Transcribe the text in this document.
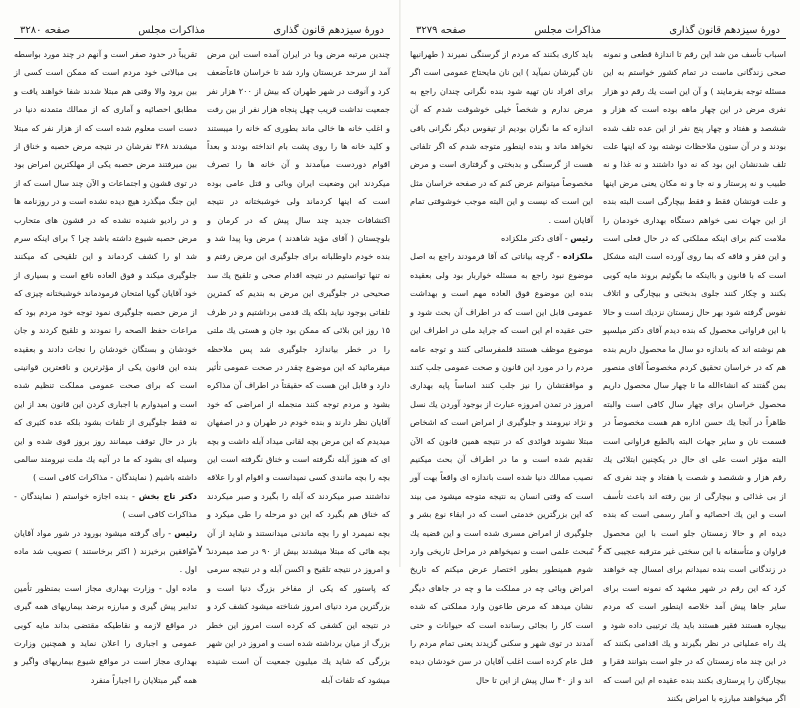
دورهٔ سیزدهم قانون گذاری
مذاکرات مجلس
صفحه ۳۲۸۰

چندین مرتبه مرض وبا در ایران آمده است این مرض آمد از سرحد عربستان وارد شد تا خراسان قاعاًضعف کرد و آنوقت در شهر طهران که بیش از ۲۰۰ هزار نفر جمعیت نداشت قریب چهل پنجاه هزار نفر از بین رفت و اغلب خانه ها خالی ماند بطوری که خانه را میبستند و کلید خانه ها را روی پشت بام انداخته بودند و بعداً اقوام دوردست میآمدند و آن خانه ها را تصرف میکردند این وضعیت ایران وبائی و قتل عامی بوده است که اینها کردماند ولی خوشبختانه در نتیجه اکتشافات جدید چند سال پیش که در کرمان و بلوچستان ( آقای مؤید شاهدند ) مرض وبا پیدا شد و بنده خودم داوطلبانه برای جلوگیری این مرض رفتم و نه تنها توانستیم در نتیجه اقدام صحی و تلقیح یك سد صحیحی در جلوگیری این مرض به بندیم که کمترین تلفاتی بوجود نیاید بلکه یك قدمی برداشتیم و در ظرف ۱۵ روز این بلائی که ممکن بود جان و هستی یك ملتی را در خطر بیاندازد جلوگیری شد پس ملاحظه میفرمائید که این موضوع چقدر در صحت عمومی تأثیر دارد و قابل این هست که حقیقتاً در اطراف آن مذاکره بشود و مردم توجه کنند منجمله از امراضی که خود آقایان نظر دارند و بنده خودم در طهران و در اصفهان میدیدم که این مرض بچه لقانی میداد آبله داشت و بچه ای که هنوز آبله نگرفته است و خناق نگرفته است این بچه را بچه مانندی کسی نمیدانست و اقوام او را علاقه نداشتند صبر میکردند که آبله را بگیرد و صبر میکردند که خناق هم بگیرد که این دو مرحله را طی میکرد و بچه نمیمرد او را بچه ماندنی میدانستند و شاید از آن بچه هائی که مبتلا میشدند بیش از ۹۰ در صد میمردند و امروز در نتیجه تلقیح و اکسن آبله و در نتیجه سرمی که پاستور که یکی از مفاخر بزرگ دنیا است و بزرگترین مرد دنیای امروز شناخته میشود کشف کرد و در نتیجه این کشفی که کرده است امروز این خطر بزرگ از میان برداشته شده است و امروز در این شهر بزرگی که شاید یك میلیون جمعیت آن است شنیده میشود که تلفات آبله

تقریباً در حدود صفر است و آنهم در چند مورد بواسطه بی مبالاتی خود مردم است که ممکن است کسی از بین برود والا وقتی هم مبتلا شدند شفا خواهند یافت و مطابق احصائیه و آماری که از ممالك متمدنه دنیا در دست است معلوم شده است که از هزار نفر که مبتلا میشدند ۳۶۸ نفرشان در نتیجه مرض حصبه و خناق از بین میرفتند مرض حصبه یکی از مهلکترین امراض بود در توی قشون و اجتماعات و الآن چند سال است که از این جنگ میگذرد هیچ دیده نشده است و در روزنامه ها و در رادیو شنیده نشده که در قشون های متحارب مرض حصبه شیوع داشته باشد چرا ؟ برای اینکه سرم شد او را کشف کردماند و این تلقیحی که میکنند جلوگیری میکند و فوق العاده نافع است و بسیاری از خود آقایان گویا امتحان فرمودماند خوشبختانه چیزی که از مرض حصبه جلوگیری نمود توجه خود مردم بود که مراعات حفظ الصحه را نمودند و تلقیح کردند و جان خودشان و بستگان خودشان را نجات دادند و بعقیده بنده این قانون یکی از مؤثرترین و نافعترین قوانینی است که برای صحت عمومی مملکت تنظیم شده است و امیدوارم با اجباری کردن این قانون بعد از این نه فقط جلوگیری از تلفات بشود بلکه عده کثیری که باز در حال توقف میمانند روز بروز قوی شده و این وسیله ای بشود که ما در آتیه یك ملت نیرومند سالمی داشته باشیم ( نمایندگان - مذاکرات کافی است )

دکتر تاج بخش - بنده اجازه خواستم ( نمایندگان - مذاکرات کافی است )

رئیس - رأی گرفته میشود بورود در شور مواد آقایان موافقین برخیزند ( اکثر برخاستند ) تصویب شد ماده اول .

ماده اول - وزارت بهداری مجاز است بمنظور تأمین تدابیر پیش گیری و مبارزه برضد بیماریهای همه گیری در مواقع لازمه و نقاطیکه مقتضی بداند مایه کوبی عمومی و اجباری را اعلان نماید و همچنین وزارت بهداری مجاز است در مواقع شیوع بیماریهای واگیر و همه گیر مبتلایان را اجباراً منفرد

- ۷ -
دورهٔ سیزدهم قانون گذاری
مذاکرات مجلس
صفحه ۳۲۷۹

اسباب تأسف من شد این رقم تا اندازهٔ قطعی و نمونه صحی زندگانی ماست در تمام کشور خواستم به این مسئله توجه بفرمایند ) و آن این است یك رقم دو هزار نفری مرض در این چهار ماهه بوده است که هزار و ششصد و هفتاد و چهار پنج نفر از این عده تلف شده بودند و در آن ستون ملاحظات نوشته بود که اینها علت تلف شدنشان این بود که نه دوا داشتند و نه غذا و نه طبیب و نه پرستار و نه جا و نه مکان یعنی مرض اینها و علت فوتشان فقط و فقط بیچارگی است البته بنده از این جهات نمی خواهم دستگاه بهداری خودمان را ملامت کنم برای اینکه مملکتی که در حال فعلی است و این فقر و فاقه که بما روی آورده است البته مشکل است که با قانون و بااینکه ما بگوئیم بروند مایه کوبی بکنند و چکار کنند جلوی بدبختی و بیچارگی و اتلاف نفوس گرفته شود بهر حال زمستان نزدیك است و حالا با این فراوانی محصول که بنده دیدم آقای دکتر میلسپو هم نوشته اند که باندازه دو سال ما محصول داریم بنده هم که در خراسان تحقیق کردم مخصوصاً آقای منصور بمن گفتند که انشاءالله ما تا چهار سال محصول داریم محصول خراسان برای چهار سال کافی است والبته ظاهراً در آنجا یك حسن اداره هم هست مخصوصاً در قسمت نان و سایر جهات البته بالطبع فراوانی است البته مؤثر است علی ای حال در یکچنین ابتلائی یك رقم هزار و ششصد و شصت یا هفتاد و چند نفری که از بی غذائی و بیچارگی از بین رفته اند باعث تأسف است و این یك احصائیه و آمار رسمی است که بنده دیده ام و حالا زمستان جلو است با این محصول فراوان و متأسفانه با این سختی غیر مترقبه عجیبی که در زندگانی است بنده نمیدانم برای امسال چه خواهند کرد که این رقم در شهر مشهد که نمونه است برای سایر جاها پیش آمد خلاصه اینطور است که مردم بیچاره هستند فقیر هستند باید یك ترتیبی داده شود و یك راه عملیاتی در نظر بگیرند و یك اقدامی بکنند که در این چند ماه زمستان که در جلو است بتوانند فقرا و بیچارگان را پرستاری بکنند بنده عقیده ام این است که اگر میخواهند مبارزه با امراض بکنند

باید کاری بکنند که مردم از گرسنگی نمیرند ( طهرانیها نان گیرشان نمیآید ) این نان مایحتاج عمومی است اگر برای افراد نان تهیه شود بنده نگرانی چندان راجع به مرض ندارم و شخصاً خیلی خوشوقت شدم که آن اندازه که ما نگران بودیم از تیفوس دیگر نگرانی باقی نخواهد ماند و بنده اینطور متوجه شدم که اگر تلفاتی هست از گرسنگی و بدبختی و گرفتاری است و مرض مخصوصاً میتوانم عرض کنم که در صفحه خراسان مثل این است که نیست و این البته موجب خوشوقتی تمام آقایان است .

رئیس - آقای دکتر ملکزاده

ملکزاده - گرچه بیاناتی که آقا فرمودند راجع به اصل موضوع نبود راجع به مسئله خواربار بود ولی بعقیده بنده این موضوع فوق العاده مهم است و بهداشت عمومی قابل این است که در اطراف آن بحث شود و حتی عقیده ام این است که جراید ملی در اطراف این موضوع موظف هستند قلمفرسائی کنند و توجه عامه مردم را در مورد این قانون و صحت عمومی جلب کنند و موافقتشان را نیز جلب کنند اساساً پایه بهداری امروز در تمدن امروزه عبارت از بوجود آوردن یك نسل و نژاد نیرومند و جلوگیری از امراض است که اشخاص مبتلا نشوند فوائدی که در نتیجه همین قانون که الآن تقدیم شده است و ما در اطراف آن بحث میکنیم نصیب ممالك دنیا شده است باندازه ای واقعاً بهت آور است که وقتی انسان به نتیجه متوجه میشود می بیند که این بزرگترین خدمتی است که در ابقاء نوع بشر و جلوگیری از امراض مسری شده است و این قضیه یك مبحث علمی است و نمیخواهم در مراحل تاریخی وارد شوم همینطور بطور اختصار عرض میکنم که تاریخ امراض وبائی چه در مملکت ما و چه در جاهای دیگر نشان میدهد که مرض طاعون وارد مملکتی که شده است کار را بجائی رسانده است که حیوانات و حتی آمدند در توی شهر و سکنی گزیدند یعنی تمام مردم را قتل عام کرده است اغلب آقایان در سن خودشان دیده اند و از ۴۰ سال پیش از این تا حال

- ۶ -
